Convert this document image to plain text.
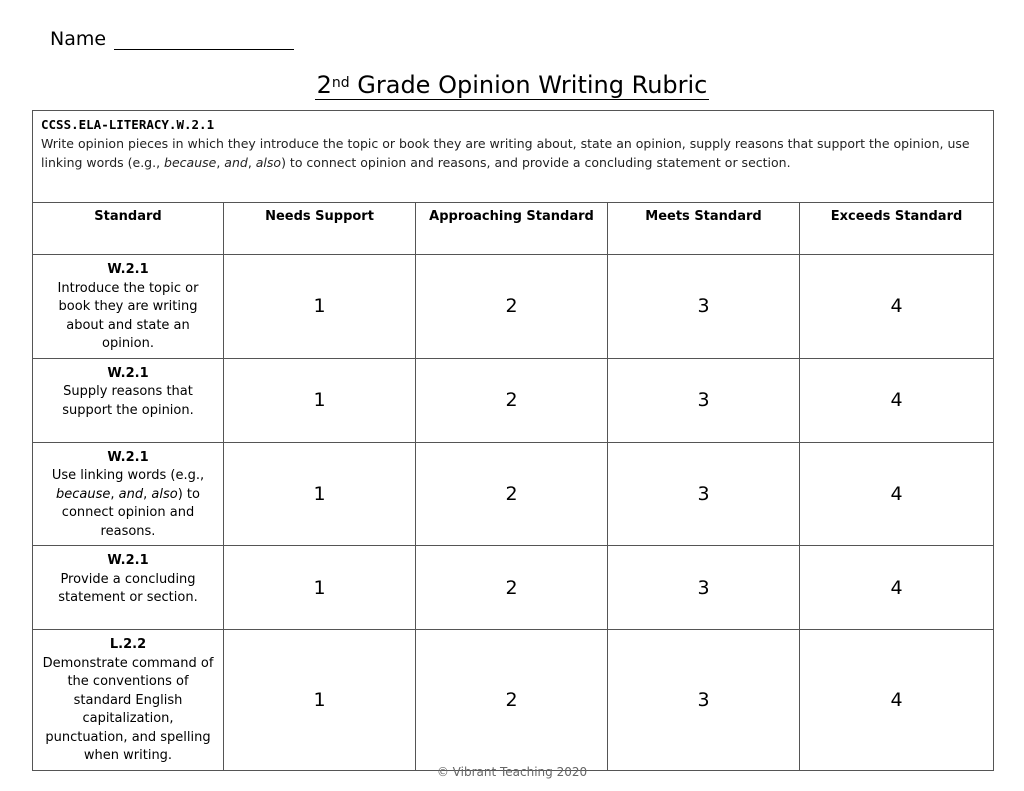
Name
2nd Grade Opinion Writing Rubric
CCSS.ELA-LITERACY.W.2.1
Write opinion pieces in which they introduce the topic or book they are writing about, state an opinion, supply reasons that support the opinion, use linking words (e.g., because, and, also) to connect opinion and reasons, and provide a concluding statement or section.				

Standard	Needs Support	Approaching Standard	Meets Standard	Exceeds Standard

W.2.1
Introduce the topic or book they are writing about and state an opinion.	1	2	3	4

W.2.1
Supply reasons that support the opinion.	1	2	3	4

W.2.1
Use linking words (e.g., because, and, also) to connect opinion and reasons.	1	2	3	4

W.2.1
Provide a concluding statement or section.	1	2	3	4

L.2.2
Demonstrate command of the conventions of standard English capitalization, punctuation, and spelling when writing.	1	2	3	4
© Vibrant Teaching 2020
